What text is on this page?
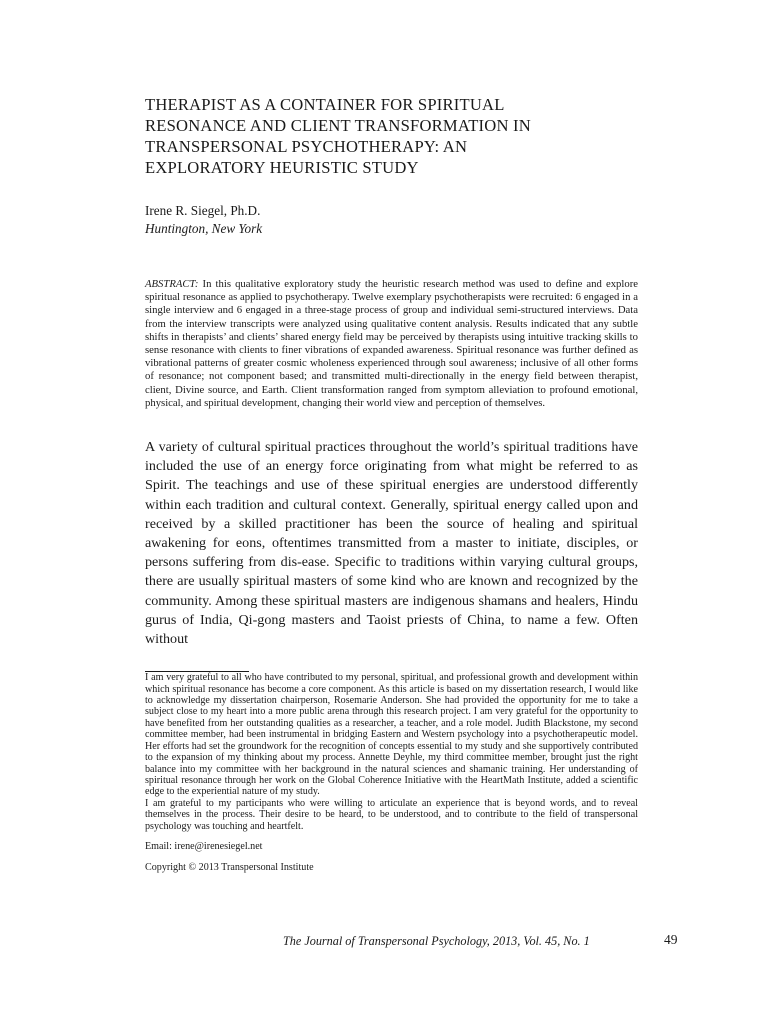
THERAPIST AS A CONTAINER FOR SPIRITUAL
RESONANCE AND CLIENT TRANSFORMATION IN
TRANSPERSONAL PSYCHOTHERAPY: AN
EXPLORATORY HEURISTIC STUDY
Irene R. Siegel, Ph.D.
Huntington, New York

ABSTRACT: In this qualitative exploratory study the heuristic research method was used to define and explore spiritual resonance as applied to psychotherapy. Twelve exemplary psychotherapists were recruited: 6 engaged in a single interview and 6 engaged in a three-stage process of group and individual semi-structured interviews. Data from the interview transcripts were analyzed using qualitative content analysis. Results indicated that any subtle shifts in therapists’ and clients’ shared energy field may be perceived by therapists using intuitive tracking skills to sense resonance with clients to finer vibrations of expanded awareness. Spiritual resonance was further defined as vibrational patterns of greater cosmic wholeness experienced through soul awareness; inclusive of all other forms of resonance; not component based; and transmitted multi-directionally in the energy field between therapist, client, Divine source, and Earth. Client transformation ranged from symptom alleviation to profound emotional, physical, and spiritual development, changing their world view and perception of themselves.

A variety of cultural spiritual practices throughout the world’s spiritual traditions have included the use of an energy force originating from what might be referred to as Spirit. The teachings and use of these spiritual energies are understood differently within each tradition and cultural context. Generally, spiritual energy called upon and received by a skilled practitioner has been the source of healing and spiritual awakening for eons, oftentimes transmitted from a master to initiate, disciples, or persons suffering from dis-ease. Specific to traditions within varying cultural groups, there are usually spiritual masters of some kind who are known and recognized by the community. Among these spiritual masters are indigenous shamans and healers, Hindu gurus of India, Qi-gong masters and Taoist priests of China, to name a few. Often without

I am very grateful to all who have contributed to my personal, spiritual, and professional growth and development within which spiritual resonance has become a core component. As this article is based on my dissertation research, I would like to acknowledge my dissertation chairperson, Rosemarie Anderson. She had provided the opportunity for me to take a subject close to my heart into a more public arena through this research project. I am very grateful for the opportunity to have benefited from her outstanding qualities as a researcher, a teacher, and a role model. Judith Blackstone, my second committee member, had been instrumental in bridging Eastern and Western psychology into a psychotherapeutic model. Her efforts had set the groundwork for the recognition of concepts essential to my study and she supportively contributed to the expansion of my thinking about my process. Annette Deyhle, my third committee member, brought just the right balance into my committee with her background in the natural sciences and shamanic training. Her understanding of spiritual resonance through her work on the Global Coherence Initiative with the HeartMath Institute, added a scientific edge to the experiential nature of my study.

I am grateful to my participants who were willing to articulate an experience that is beyond words, and to reveal themselves in the process. Their desire to be heard, to be understood, and to contribute to the field of transpersonal psychology was touching and heartfelt.

Email: irene@irenesiegel.net
Copyright © 2013 Transpersonal Institute
The Journal of Transpersonal Psychology, 2013, Vol. 45, No. 1	49
